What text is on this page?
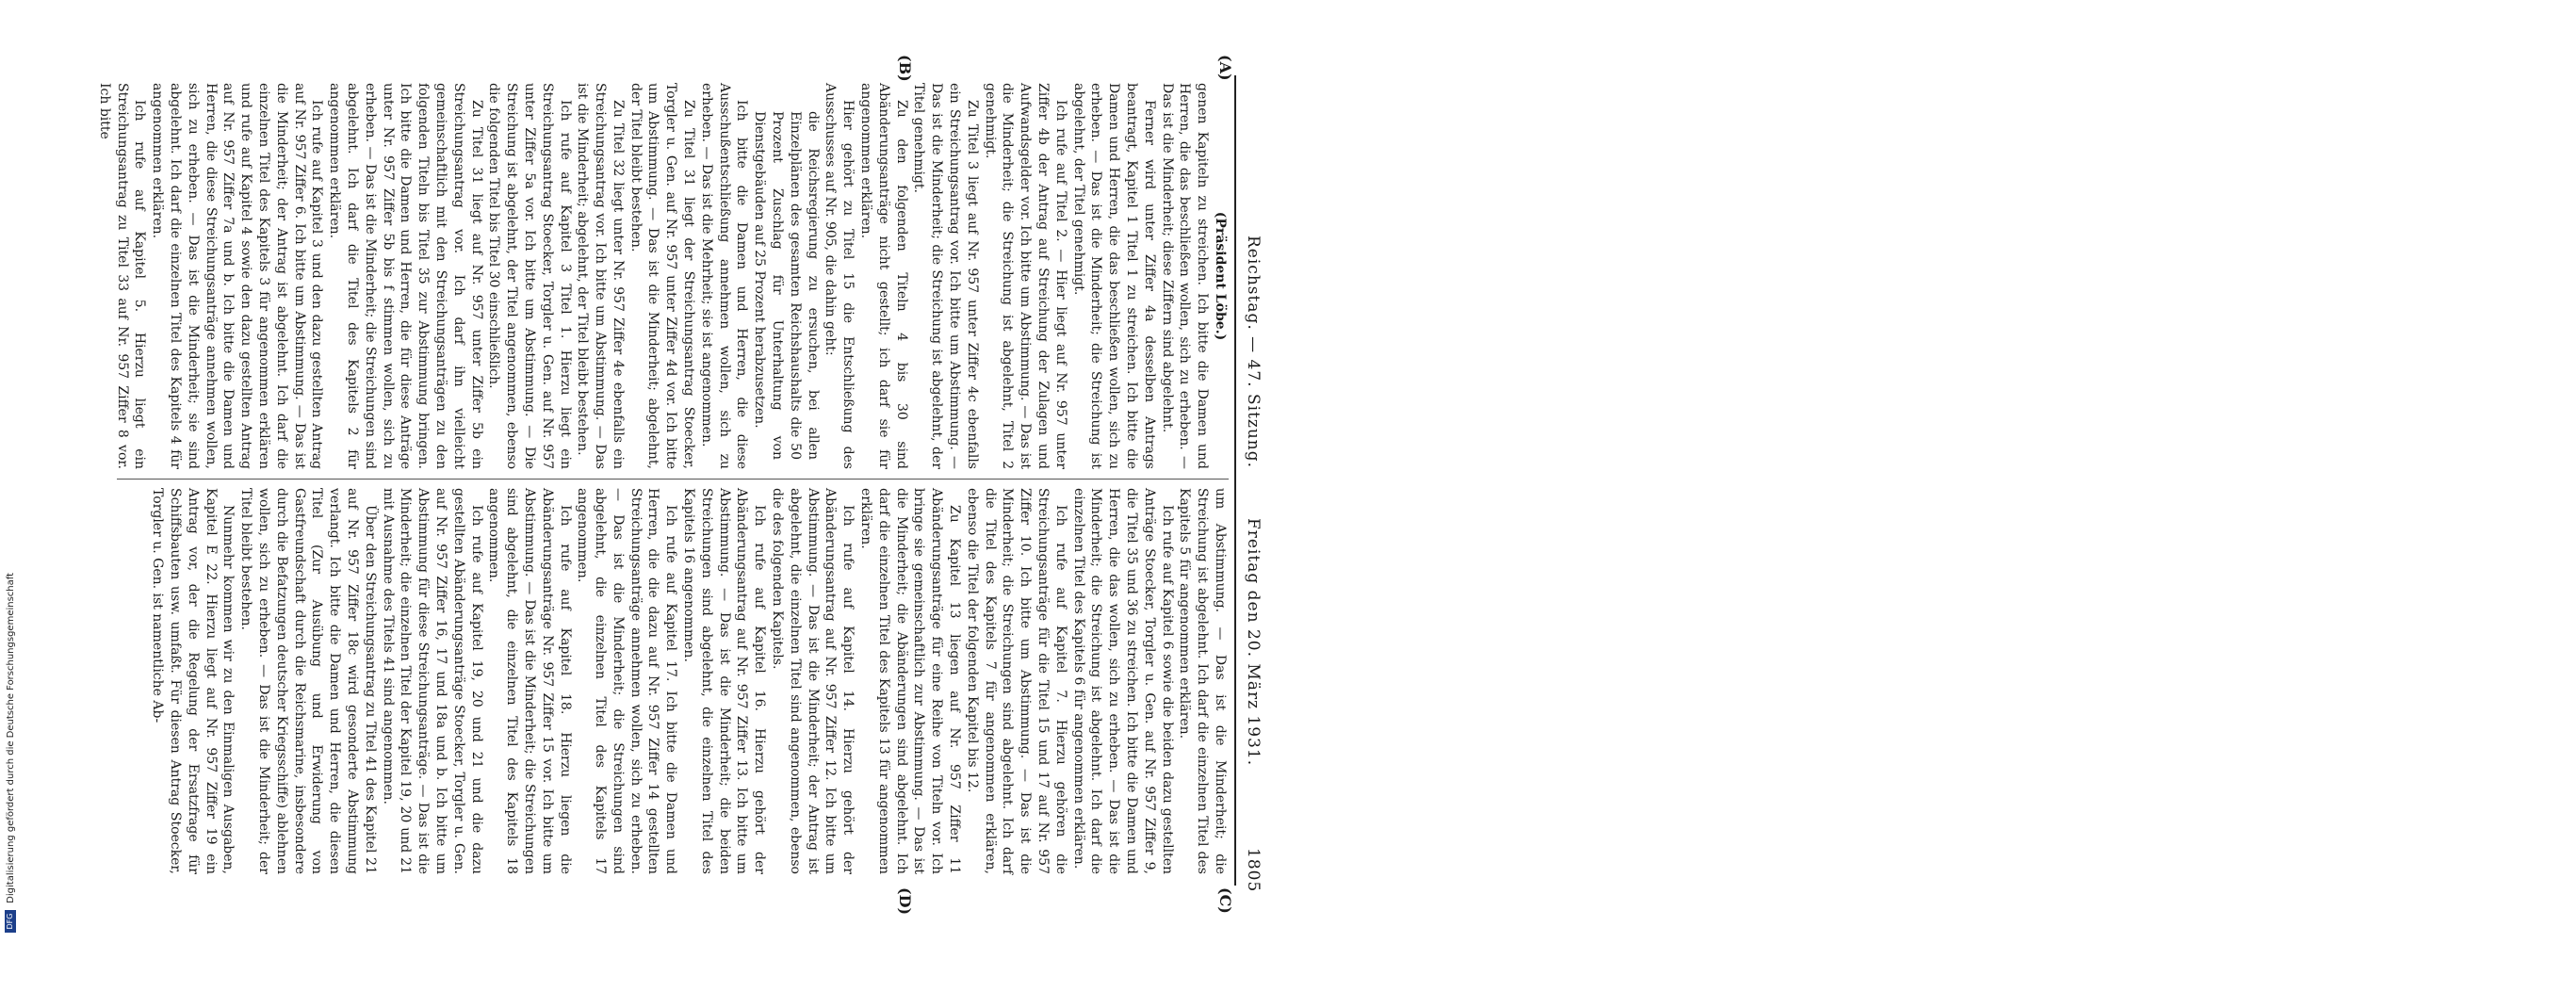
Reichstag. — 47. Sitzung.
Freitag den 20. März 1931.
1805
(A)
(B)
(C)
(D)

(Präsident Löbe.)

genen Kapiteln zu streichen. Ich bitte die Damen und Herren, die das beschließen wollen, sich zu erheben. — Das ist die Minderheit; diese Ziffern sind abgelehnt.

Ferner wird unter Ziffer 4a desselben Antrags beantragt, Kapitel 1 Titel 1 zu streichen. Ich bitte die Damen und Herren, die das beschließen wollen, sich zu erheben. — Das ist die Minderheit; die Streichung ist abgelehnt, der Titel genehmigt.

Ich rufe auf Titel 2. — Hier liegt auf Nr. 957 unter Ziffer 4b der Antrag auf Streichung der Zulagen und Aufwandsgelder vor. Ich bitte um Abstimmung. — Das ist die Minderheit; die Streichung ist abgelehnt, Titel 2 genehmigt.

Zu Titel 3 liegt auf Nr. 957 unter Ziffer 4c ebenfalls ein Streichungsantrag vor. Ich bitte um Abstimmung. — Das ist die Minderheit; die Streichung ist abgelehnt, der Titel genehmigt.

Zu den folgenden Titeln 4 bis 30 sind Abänderungsanträge nicht gestellt; ich darf sie für angenommen erklären.

Hier gehört zu Titel 15 die Entschließung des Ausschusses auf Nr. 905, die dahin geht:

die Reichsregierung zu ersuchen, bei allen Einzelplänen des gesamten Reichshaushalts die 50 Prozent Zuschlag für Unterhaltung von Dienstgebäuden auf 25 Prozent herabzusetzen.

Ich bitte die Damen und Herren, die diese Ausschußentschließung annehmen wollen, sich zu erheben. — Das ist die Mehrheit; sie ist angenommen.

Zu Titel 31 liegt der Streichungsantrag Stoecker, Torgler u. Gen. auf Nr. 957 unter Ziffer 4d vor. Ich bitte um Abstimmung. — Das ist die Minderheit; abgelehnt, der Titel bleibt bestehen.

Zu Titel 32 liegt unter Nr. 957 Ziffer 4e ebenfalls ein Streichungsantrag vor. Ich bitte um Abstimmung. — Das ist die Minderheit; abgelehnt, der Titel bleibt bestehen.

Ich rufe auf Kapitel 3 Titel 1. Hierzu liegt ein Streichungsantrag Stoecker, Torgler u. Gen. auf Nr. 957 unter Ziffer 5a vor. Ich bitte um Abstimmung. — Die Streichung ist abgelehnt, der Titel angenommen, ebenso die folgenden Titel bis Titel 30 einschließlich.

Zu Titel 31 liegt auf Nr. 957 unter Ziffer 5b ein Streichungsantrag vor. Ich darf ihn vielleicht gemeinschaftlich mit den Streichungsanträgen zu den folgenden Titeln bis Titel 35 zur Abstimmung bringen. Ich bitte die Damen und Herren, die für diese Anträge unter Nr. 957 Ziffer 5b bis f stimmen wollen, sich zu erheben. — Das ist die Minderheit; die Streichungen sind abgelehnt. Ich darf die Titel des Kapitels 2 für angenommen erklären.

Ich rufe auf Kapitel 3 und den dazu gestellten Antrag auf Nr. 957 Ziffer 6. Ich bitte um Abstimmung. — Das ist die Minderheit; der Antrag ist abgelehnt. Ich darf die einzelnen Titel des Kapitels 3 für angenommen erklären und rufe auf Kapitel 4 sowie den dazu gestellten Antrag auf Nr. 957 Ziffer 7a und b. Ich bitte die Damen und Herren, die diese Streichungsanträge annehmen wollen, sich zu erheben. — Das ist die Minderheit; sie sind abgelehnt. Ich darf die einzelnen Titel des Kapitels 4 für angenommen erklären.

Ich rufe auf Kapitel 5. Hierzu liegt ein Streichungsantrag zu Titel 33 auf Nr. 957 Ziffer 8 vor. Ich bitte

um Abstimmung. — Das ist die Minderheit; die Streichung ist abgelehnt. Ich darf die einzelnen Titel des Kapitels 5 für angenommen erklären.

Ich rufe auf Kapitel 6 sowie die beiden dazu gestellten Anträge Stoecker, Torgler u. Gen. auf Nr. 957 Ziffer 9, die Titel 35 und 36 zu streichen. Ich bitte die Damen und Herren, die das wollen, sich zu erheben. — Das ist die Minderheit; die Streichung ist abgelehnt. Ich darf die einzelnen Titel des Kapitels 6 für angenommen erklären.

Ich rufe auf Kapitel 7. Hierzu gehören die Streichungsanträge für die Titel 15 und 17 auf Nr. 957 Ziffer 10. Ich bitte um Abstimmung. — Das ist die Minderheit; die Streichungen sind abgelehnt. Ich darf die Titel des Kapitels 7 für angenommen erklären, ebenso die Titel der folgenden Kapitel bis 12.

Zu Kapitel 13 liegen auf Nr. 957 Ziffer 11 Abänderungsanträge für eine Reihe von Titeln vor. Ich bringe sie gemeinschaftlich zur Abstimmung. — Das ist die Minderheit; die Abänderungen sind abgelehnt. Ich darf die einzelnen Titel des Kapitels 13 für angenommen erklären.

Ich rufe auf Kapitel 14. Hierzu gehört der Abänderungsantrag auf Nr. 957 Ziffer 12. Ich bitte um Abstimmung. — Das ist die Minderheit; der Antrag ist abgelehnt, die einzelnen Titel sind angenommen, ebenso die des folgenden Kapitels.

Ich rufe auf Kapitel 16. Hierzu gehört der Abänderungsantrag auf Nr. 957 Ziffer 13. Ich bitte um Abstimmung. — Das ist die Minderheit; die beiden Streichungen sind abgelehnt, die einzelnen Titel des Kapitels 16 angenommen.

Ich rufe auf Kapitel 17. Ich bitte die Damen und Herren, die die dazu auf Nr. 957 Ziffer 14 gestellten Streichungsanträge annehmen wollen, sich zu erheben. — Das ist die Minderheit; die Streichungen sind abgelehnt, die einzelnen Titel des Kapitels 17 angenommen.

Ich rufe auf Kapitel 18. Hierzu liegen die Abänderungsanträge Nr. 957 Ziffer 15 vor. Ich bitte um Abstimmung. — Das ist die Minderheit; die Streichungen sind abgelehnt, die einzelnen Titel des Kapitels 18 angenommen.

Ich rufe auf Kapitel 19, 20 und 21 und die dazu gestellten Abänderungsanträge Stoecker, Torgler u. Gen. auf Nr. 957 Ziffer 16, 17 und 18a und b. Ich bitte um Abstimmung für diese Streichungsanträge. — Das ist die Minderheit; die einzelnen Titel der Kapitel 19, 20 und 21 mit Ausnahme des Titels 41 sind angenommen.

Über den Streichungsantrag zu Titel 41 des Kapitel 21 auf Nr. 957 Ziffer 18c wird gesonderte Abstimmung verlangt. Ich bitte die Damen und Herren, die diesen Titel (Zur Ausübung und Erwiderung von Gastfreundschaft durch die Reichsmarine, insbesondere durch die Befatzungen deutscher Kriegsschiffe) ablehnen wollen, sich zu erheben. — Das ist die Minderheit; der Titel bleibt bestehen.

Nunmehr kommen wir zu den Einmaligen Ausgaben, Kapitel E 22. Hierzu liegt auf Nr. 957 Ziffer 19 ein Antrag vor, der die Regelung der Ersatzfrage für Schiffsbauten usw. umfaßt. Für diesen Antrag Stoecker, Torgler u. Gen. ist namentliche Ab-

DFG Digitalisierung gefördert durch die Deutsche Forschungsgemeinschaft
